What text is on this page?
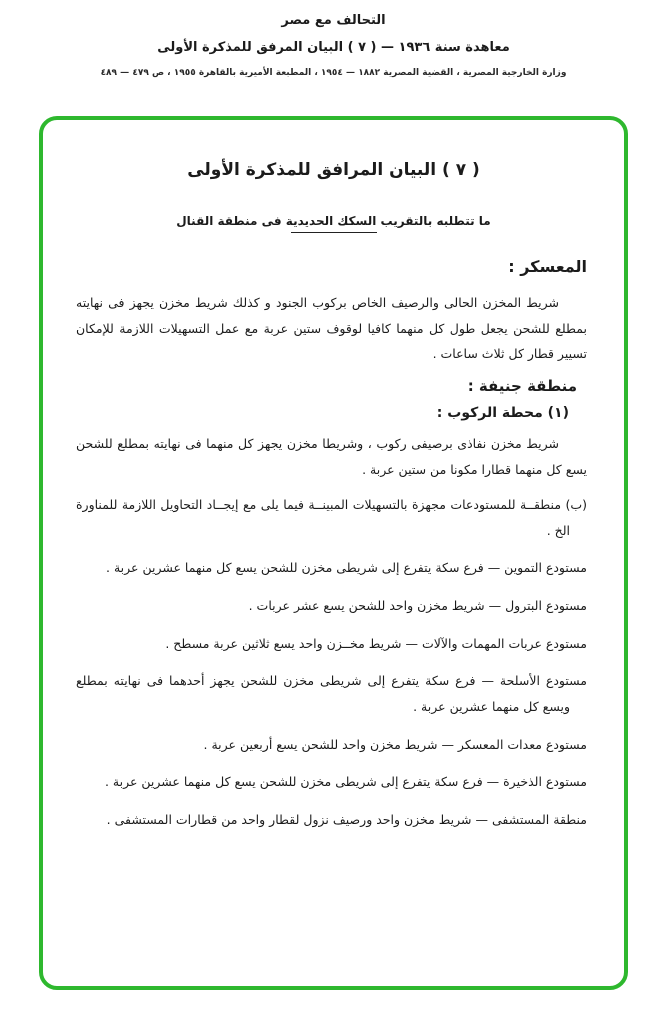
التحالف مع مصر
معاهدة سنة ١٩٣٦ — ( ٧ ) البيان المرفق للمذكرة الأولى
وزارة الخارجية المصرية ، القضية المصرية ١٨٨٢ — ١٩٥٤ ، المطبعة الأميرية بالقاهرة ١٩٥٥ ، ص ٤٧٩ — ٤٨٩
( ٧ ) البيان المرافق للمذكرة الأولى
ما تتطلبه بالتقريب السكك الحديدية فى منطقة القنال
المعسكر :
شريط المخزن الحالى والرصيف الخاص بركوب الجنود و كذلك شريط مخزن يجهز فى نهايته بمطلع للشحن يجعل طول كل منهما كافيا لوقوف ستين عربة مع عمل التسهيلات اللازمة للإمكان تسيير قطار كل ثلاث ساعات .
منطقة جنيفة :
(١) محطة الركوب :
شريط مخزن نفاذى برصيفى ركوب ، وشريطا مخزن يجهز كل منهما فى نهايته بمطلع للشحن يسع كل منهما قطارا مكونا من ستين عربة .
(ب) منطقــة للمستودعات مجهزة بالتسهيلات المبينــة فيما يلى مع إيجــاد التحاويل اللازمة للمناورة الخ .
مستودع التموين — فرع سكة يتفرع إلى شريطى مخزن للشحن يسع كل منهما عشرين عربة .
مستودع البترول — شريط مخزن واحد للشحن يسع عشر عربات .
مستودع عربات المهمات والآلات — شريط مخــزن واحد يسع ثلاثين عربة مسطح .
مستودع الأسلحة — فرع سكة يتفرع إلى شريطى مخزن للشحن يجهز أحدهما فى نهايته بمطلع ويسع كل منهما عشرين عربة .
مستودع معدات المعسكر — شريط مخزن واحد للشحن يسع أربعين عربة .
مستودع الذخيرة — فرع سكة يتفرع إلى شريطى مخزن للشحن يسع كل منهما عشرين عربة .
منطقة المستشفى — شريط مخزن واحد ورصيف نزول لقطار واحد من قطارات المستشفى .
